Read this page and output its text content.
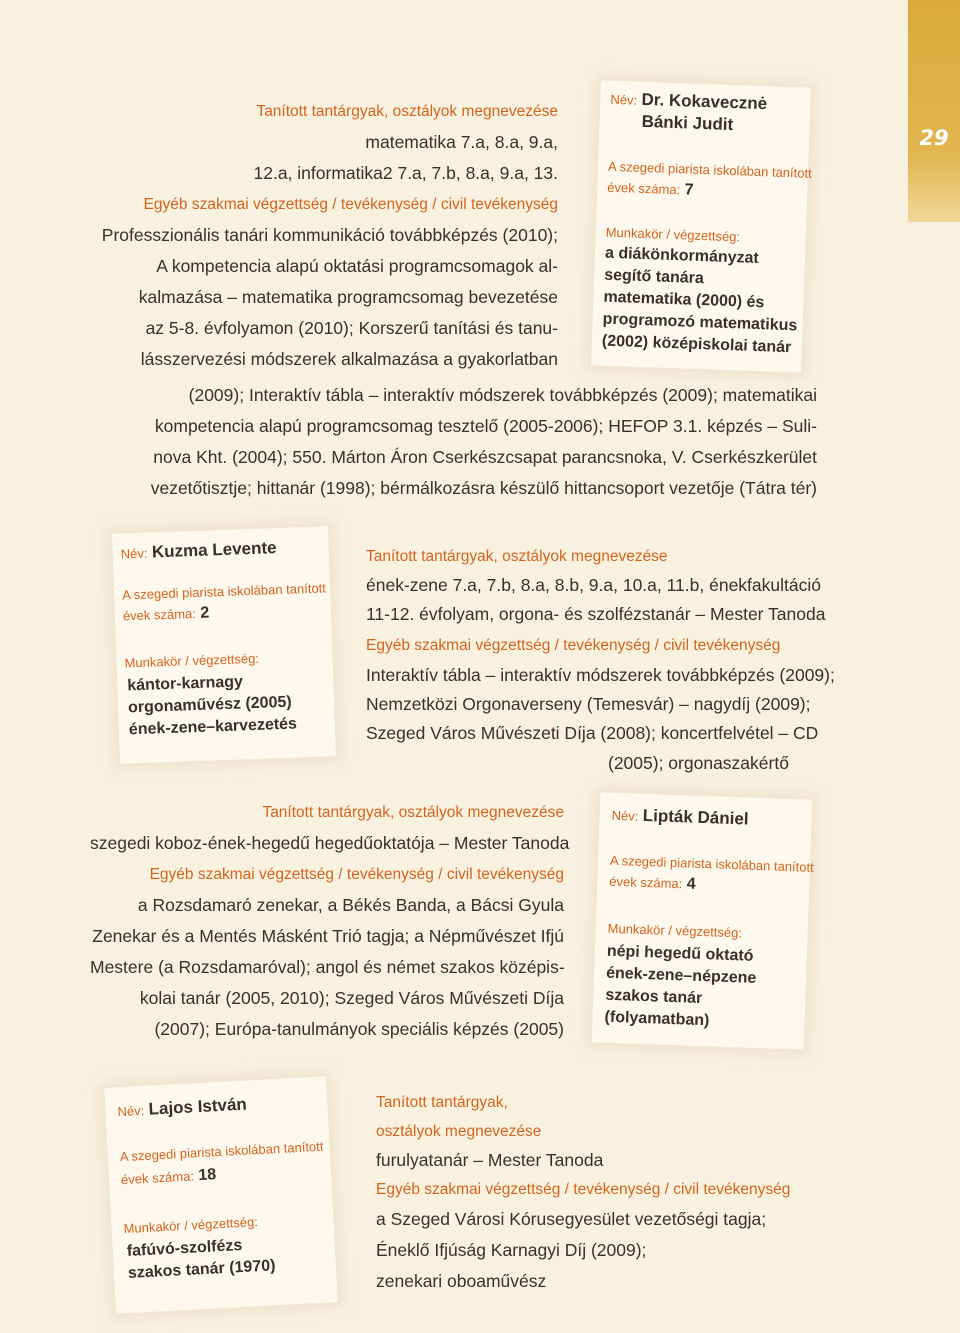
29
Név: Dr. Kokavecznė
Bánki Judit
A szegedi piarista iskolában tanított
évek száma: 7
Munkakör / végzettség:
a diákönkormányzat
segítő tanára
matematika (2000) és
programozó matematikus
(2002) középiskolai tanár
Tanított tantárgyak, osztályok megnevezése
matematika 7.a, 8.a, 9.a,
12.a, informatika2 7.a, 7.b, 8.a, 9.a, 13.
Egyéb szakmai végzettség / tevékenység / civil tevékenység
Professzionális tanári kommunikáció továbbképzés (2010);
A kompetencia alapú oktatási programcsomagok al-
kalmazása – matematika programcsomag bevezetése
az 5-8. évfolyamon (2010); Korszerű tanítási és tanu-
lásszervezési módszerek alkalmazása a gyakorlatban
(2009); Interaktív tábla – interaktív módszerek továbbképzés (2009); matematikai
kompetencia alapú programcsomag tesztelő (2005-2006); HEFOP 3.1. képzés – Suli-
nova Kht. (2004); 550. Márton Áron Cserkészcsapat parancsnoka, V. Cserkészkerület
vezetőtisztje; hittanár (1998); bérmálkozásra készülő hittancsoport vezetője (Tátra tér)
Név: Kuzma Levente
A szegedi piarista iskolában tanított
évek száma: 2
Munkakör / végzettség:
kántor-karnagy
orgonaművész (2005)
ének-zene–karvezetés
Tanított tantárgyak, osztályok megnevezése
ének-zene 7.a, 7.b, 8.a, 8.b, 9.a, 10.a, 11.b, énekfakultáció
11-12. évfolyam, orgona- és szolfézstanár – Mester Tanoda
Egyéb szakmai végzettség / tevékenység / civil tevékenység
Interaktív tábla – interaktív módszerek továbbképzés (2009);
Nemzetközi Orgonaverseny (Temesvár) – nagydíj (2009);
Szeged Város Művészeti Díja (2008); koncertfelvétel – CD
(2005); orgonaszakértő
Tanított tantárgyak, osztályok megnevezése
szegedi koboz-ének-hegedű hegedűoktatója – Mester Tanoda
Egyéb szakmai végzettség / tevékenység / civil tevékenység
a Rozsdamaró zenekar, a Békés Banda, a Bácsi Gyula
Zenekar és a Mentés Másként Trió tagja; a Népművészet Ifjú
Mestere (a Rozsdamaróval); angol és német szakos középis-
kolai tanár (2005, 2010); Szeged Város Művészeti Díja
(2007); Európa-tanulmányok speciális képzés (2005)
Név: Lipták Dániel
A szegedi piarista iskolában tanított
évek száma: 4
Munkakör / végzettség:
népi hegedű oktató
ének-zene–népzene
szakos tanár
(folyamatban)
Név: Lajos István
A szegedi piarista iskolában tanított
évek száma: 18
Munkakör / végzettség:
fafúvó-szolfézs
szakos tanár (1970)
Tanított tantárgyak,
osztályok megnevezése
furulyatanár – Mester Tanoda
Egyéb szakmai végzettség / tevékenység / civil tevékenység
a Szeged Városi Kórusegyesület vezetőségi tagja;
Éneklő Ifjúság Karnagyi Díj (2009);
zenekari oboaművész
